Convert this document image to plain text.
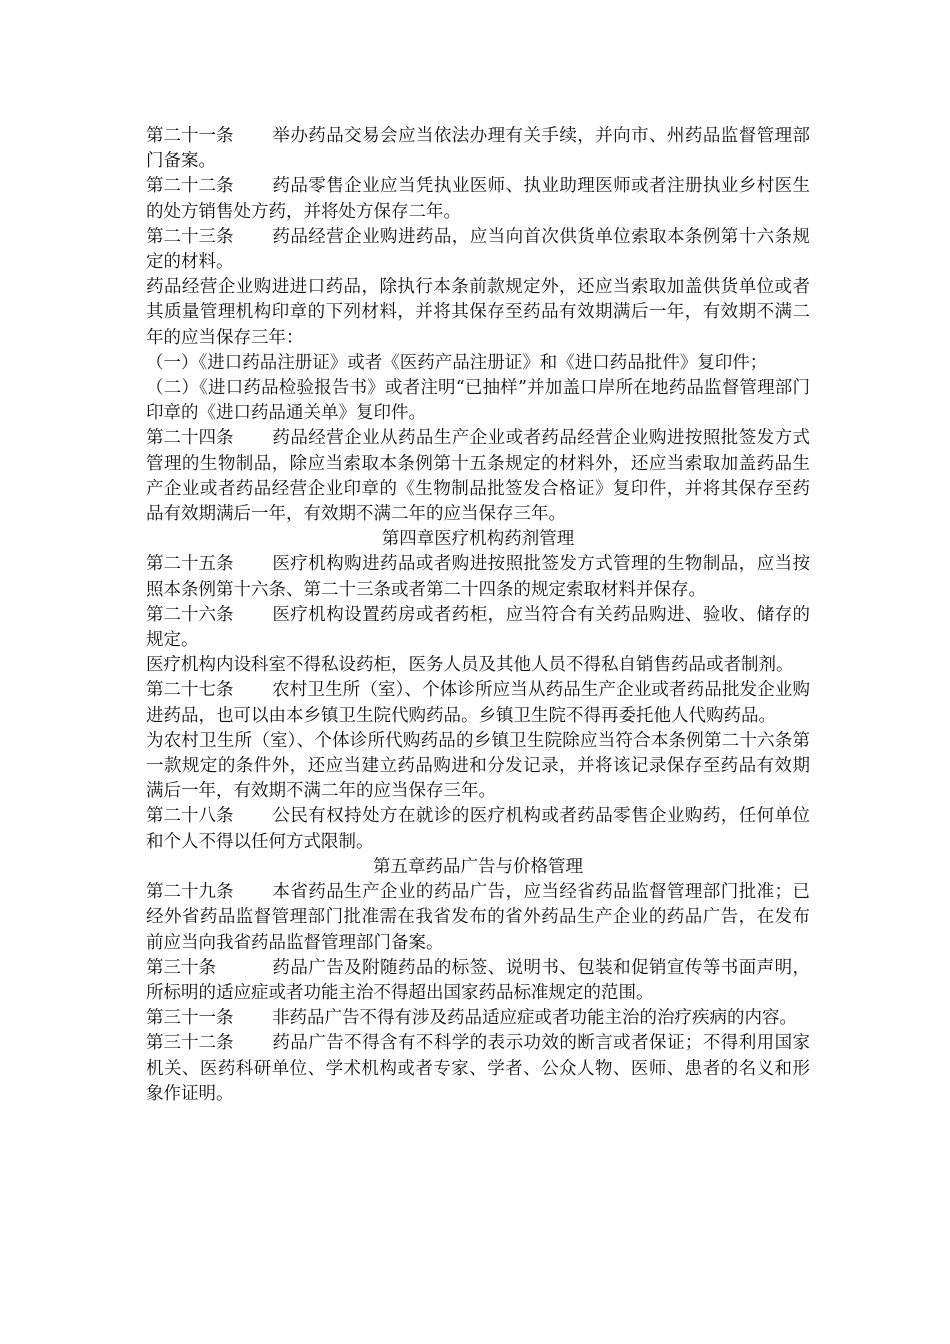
第二十一条 举办药品交易会应当依法办理有关手续，并向市、州药品监督管理部门备案。

第二十二条 药品零售企业应当凭执业医师、执业助理医师或者注册执业乡村医生的处方销售处方药，并将处方保存二年。

第二十三条 药品经营企业购进药品，应当向首次供货单位索取本条例第十六条规定的材料。

药品经营企业购进进口药品，除执行本条前款规定外，还应当索取加盖供货单位或者其质量管理机构印章的下列材料，并将其保存至药品有效期满后一年，有效期不满二年的应当保存三年：

（一）《进口药品注册证》或者《医药产品注册证》和《进口药品批件》复印件；

（二）《进口药品检验报告书》或者注明“已抽样”并加盖口岸所在地药品监督管理部门印章的《进口药品通关单》复印件。

第二十四条 药品经营企业从药品生产企业或者药品经营企业购进按照批签发方式管理的生物制品，除应当索取本条例第十五条规定的材料外，还应当索取加盖药品生产企业或者药品经营企业印章的《生物制品批签发合格证》复印件，并将其保存至药品有效期满后一年，有效期不满二年的应当保存三年。

第四章医疗机构药剂管理

第二十五条 医疗机构购进药品或者购进按照批签发方式管理的生物制品，应当按照本条例第十六条、第二十三条或者第二十四条的规定索取材料并保存。

第二十六条 医疗机构设置药房或者药柜，应当符合有关药品购进、验收、储存的规定。

医疗机构内设科室不得私设药柜，医务人员及其他人员不得私自销售药品或者制剂。

第二十七条 农村卫生所（室）、个体诊所应当从药品生产企业或者药品批发企业购进药品，也可以由本乡镇卫生院代购药品。乡镇卫生院不得再委托他人代购药品。

为农村卫生所（室）、个体诊所代购药品的乡镇卫生院除应当符合本条例第二十六条第一款规定的条件外，还应当建立药品购进和分发记录，并将该记录保存至药品有效期满后一年，有效期不满二年的应当保存三年。

第二十八条 公民有权持处方在就诊的医疗机构或者药品零售企业购药，任何单位和个人不得以任何方式限制。

第五章药品广告与价格管理

第二十九条 本省药品生产企业的药品广告，应当经省药品监督管理部门批准；已经外省药品监督管理部门批准需在我省发布的省外药品生产企业的药品广告，在发布前应当向我省药品监督管理部门备案。

第三十条	药品广告及附随药品的标签、说明书、包装和促销宣传等书面声明，所标明的适应症或者功能主治不得超出国家药品标准规定的范围。

第三十一条 非药品广告不得有涉及药品适应症或者功能主治的治疗疾病的内容。

第三十二条 药品广告不得含有不科学的表示功效的断言或者保证；不得利用国家机关、医药科研单位、学术机构或者专家、学者、公众人物、医师、患者的名义和形象作证明。
